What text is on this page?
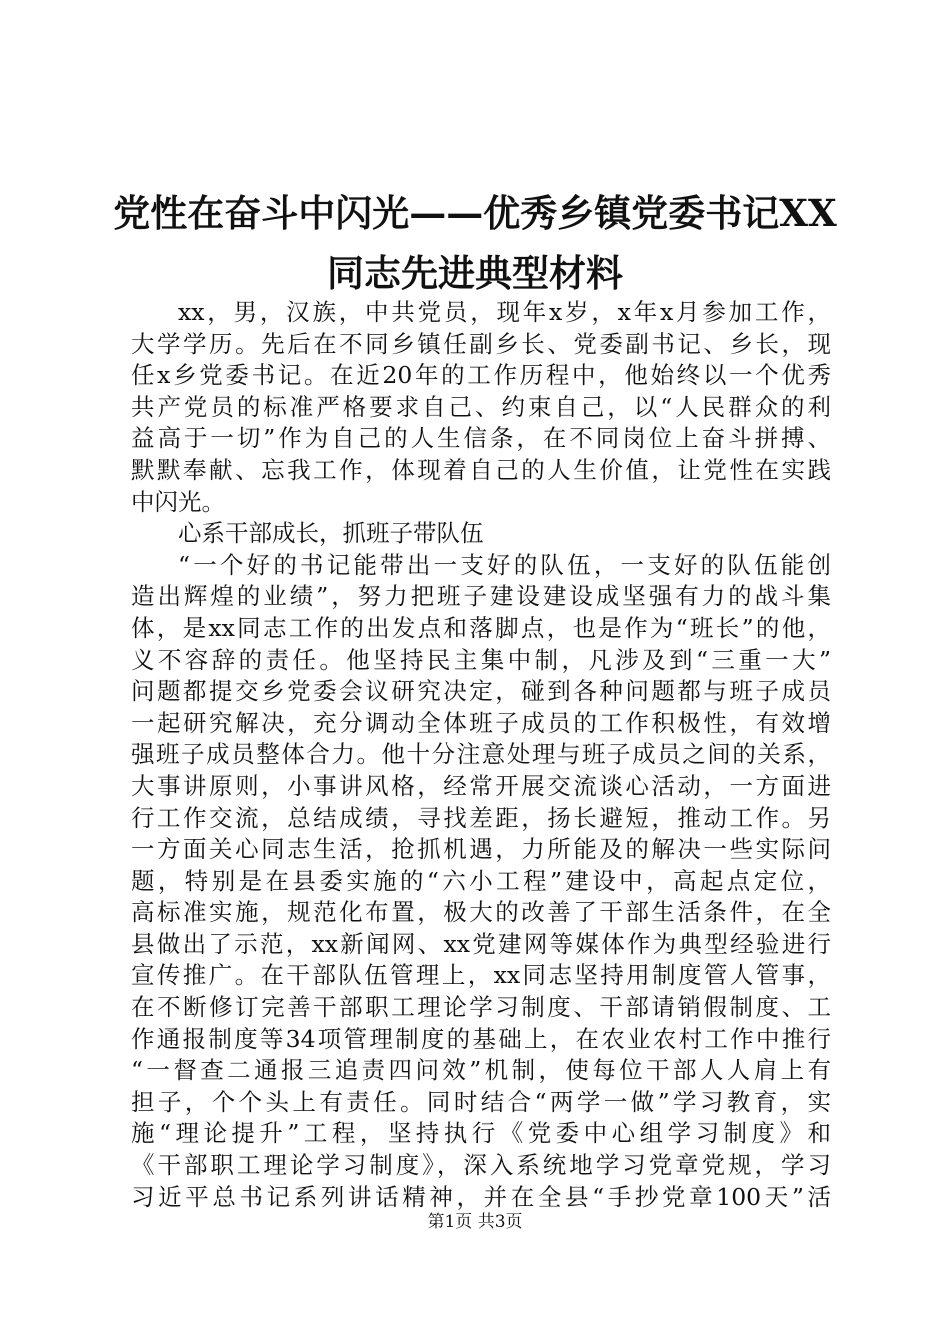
党性在奋斗中闪光——优秀乡镇党委书记XX
同志先进典型材料
xx，男，汉族，中共党员，现年x岁，x年x月参加工作，
大学学历。先后在不同乡镇任副乡长、党委副书记、乡长，现
任x乡党委书记。在近20年的工作历程中，他始终以一个优秀
共产党员的标准严格要求自己、约束自己，以“人民群众的利
益高于一切”作为自己的人生信条，在不同岗位上奋斗拼搏、
默默奉献、忘我工作，体现着自己的人生价值，让党性在实践
中闪光。
心系干部成长，抓班子带队伍
“一个好的书记能带出一支好的队伍，一支好的队伍能创
造出辉煌的业绩”，努力把班子建设建设成坚强有力的战斗集
体，是xx同志工作的出发点和落脚点，也是作为“班长”的他，
义不容辞的责任。他坚持民主集中制，凡涉及到“三重一大”
问题都提交乡党委会议研究决定，碰到各种问题都与班子成员
一起研究解决，充分调动全体班子成员的工作积极性，有效增
强班子成员整体合力。他十分注意处理与班子成员之间的关系，
大事讲原则，小事讲风格，经常开展交流谈心活动，一方面进
行工作交流，总结成绩，寻找差距，扬长避短，推动工作。另
一方面关心同志生活，抢抓机遇，力所能及的解决一些实际问
题，特别是在县委实施的“六小工程”建设中，高起点定位，
高标准实施，规范化布置，极大的改善了干部生活条件，在全
县做出了示范，xx新闻网、xx党建网等媒体作为典型经验进行
宣传推广。在干部队伍管理上，xx同志坚持用制度管人管事，
在不断修订完善干部职工理论学习制度、干部请销假制度、工
作通报制度等34项管理制度的基础上，在农业农村工作中推行
“一督查二通报三追责四问效”机制，使每位干部人人肩上有
担子，个个头上有责任。同时结合“两学一做”学习教育，实
施“理论提升”工程，坚持执行《党委中心组学习制度》和
《干部职工理论学习制度》，深入系统地学习党章党规，学习
习近平总书记系列讲话精神，并在全县“手抄党章100天”活
第1页 共3页
